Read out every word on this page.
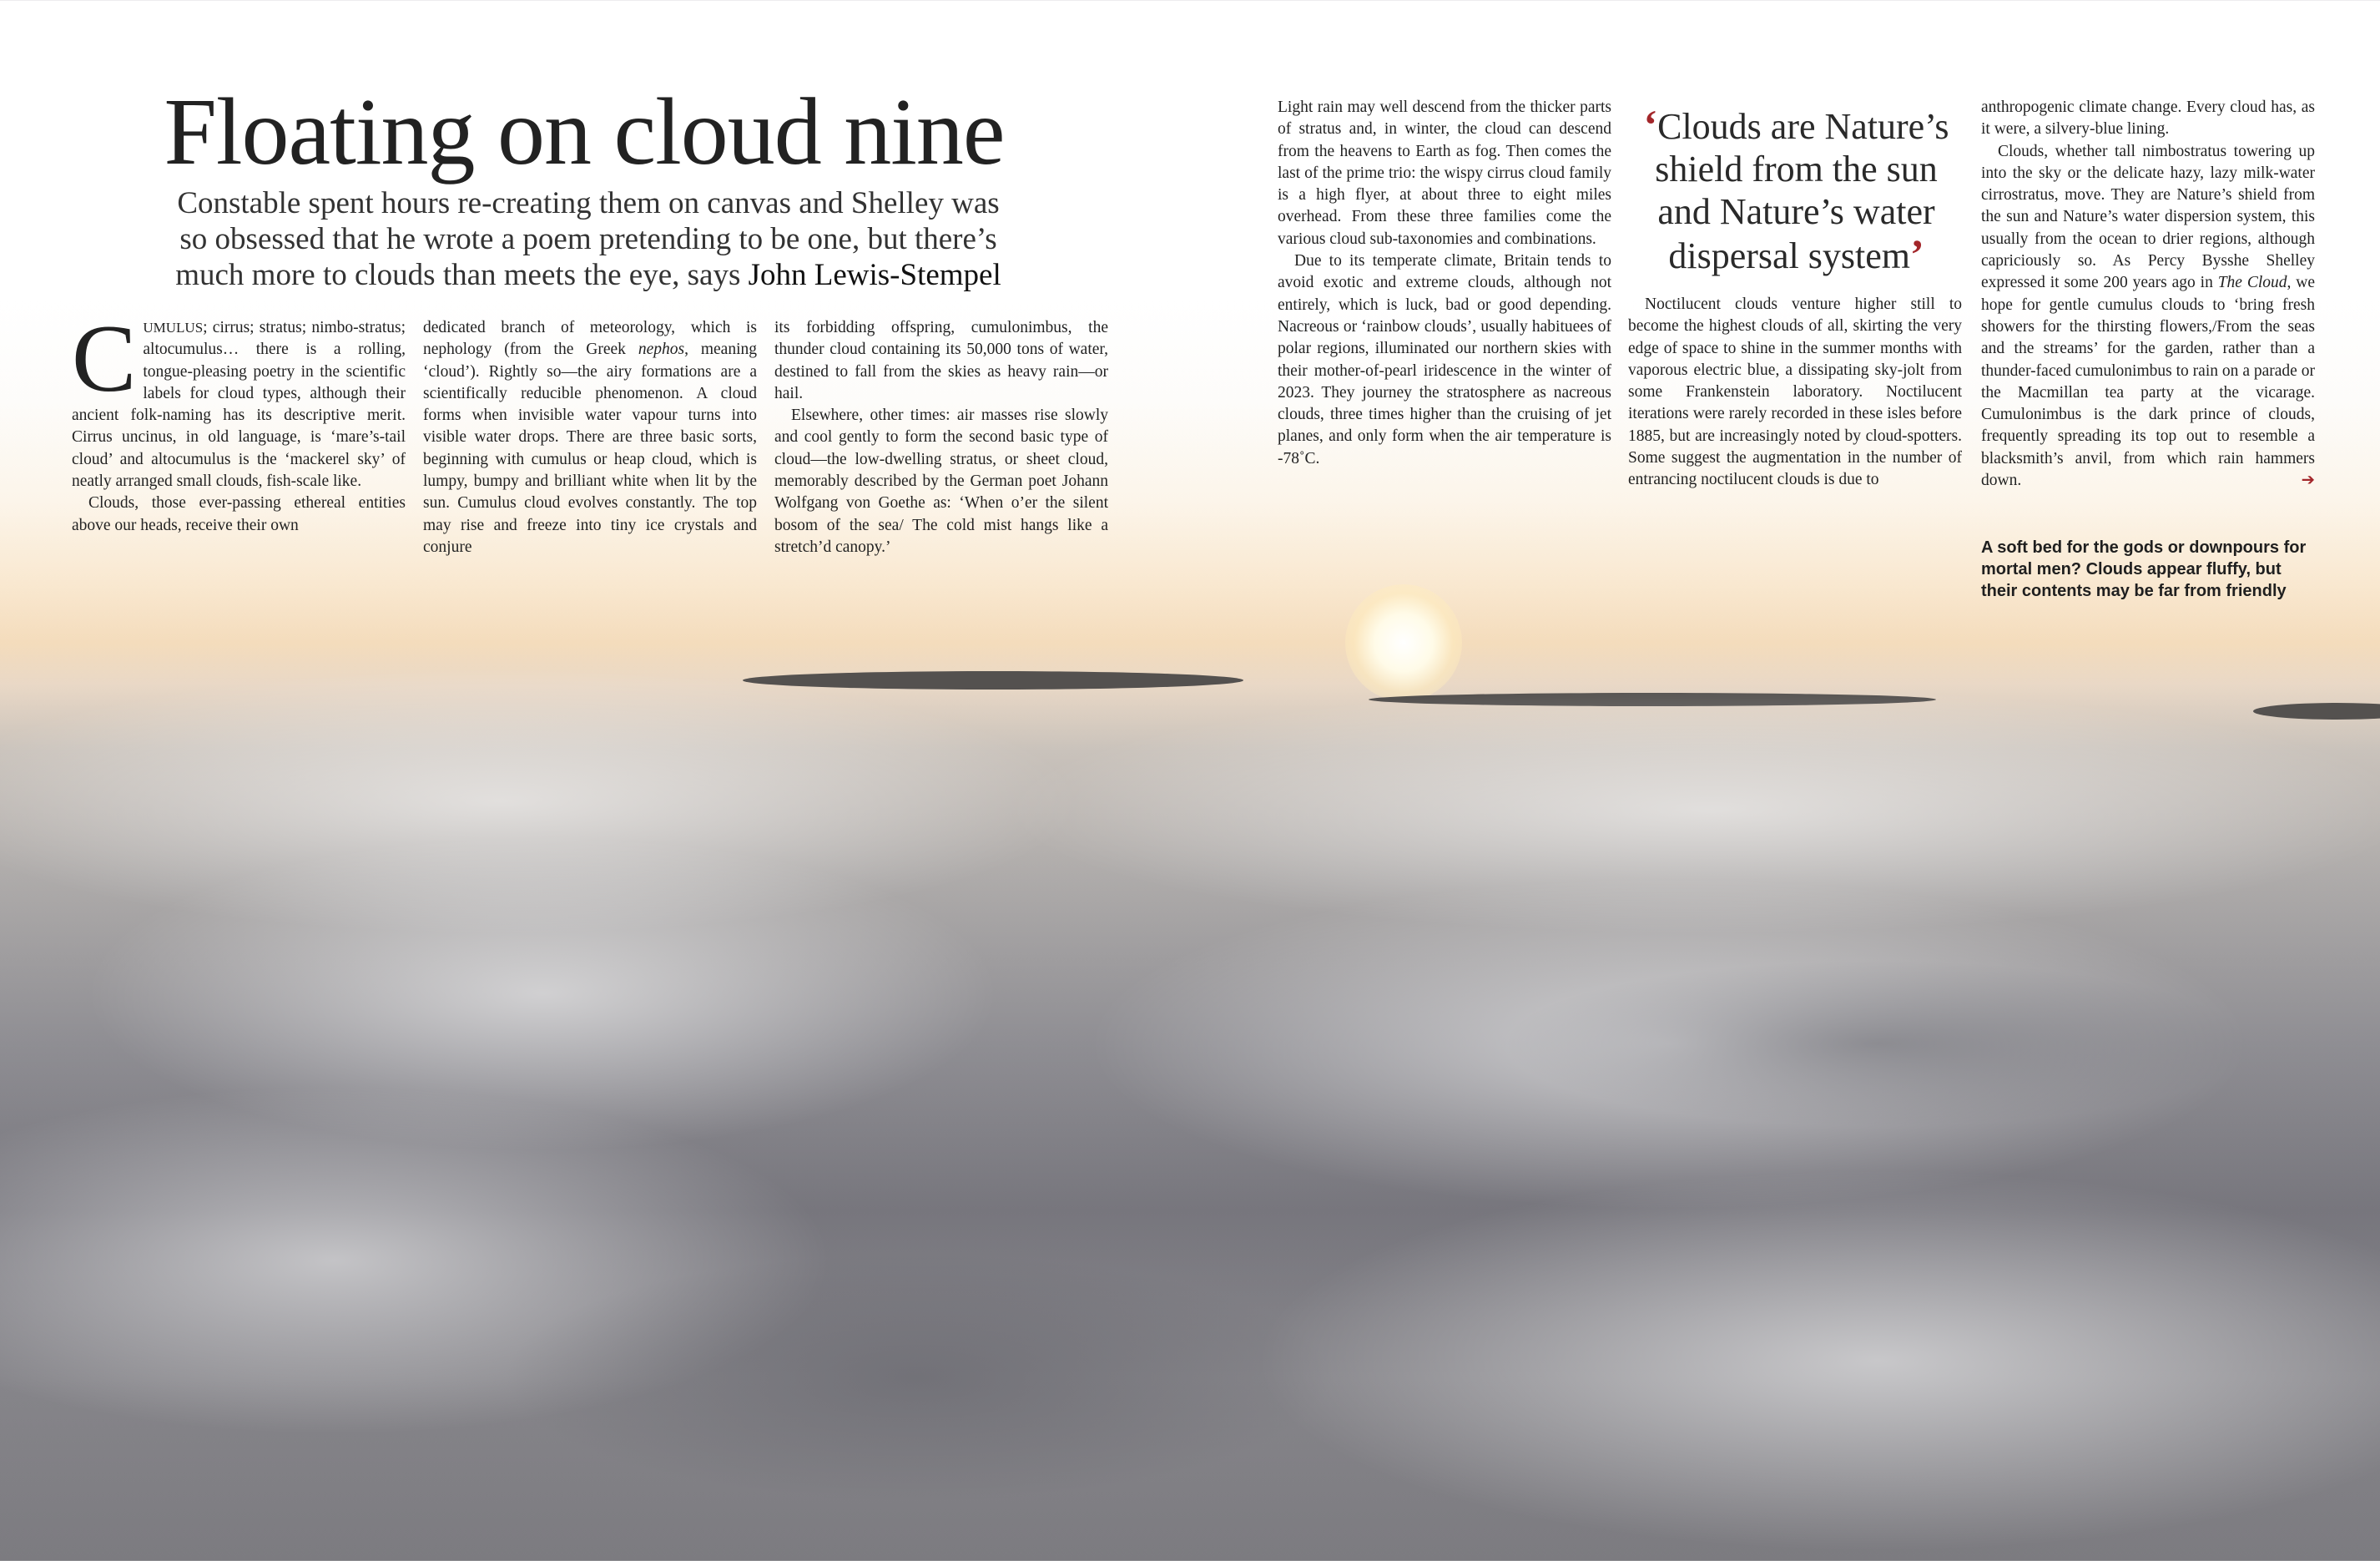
Floating on cloud nine

Constable spent hours re-creating them on canvas and Shelley was so obsessed that he wrote a poem pretending to be one, but there’s much more to clouds than meets the eye, says John Lewis-Stempel

CUMULUS; cirrus; stratus; nimbo-stratus; altocumulus… there is a rolling, tongue-pleasing poetry in the scientific labels for cloud types, although their ancient folk-naming has its descriptive merit. Cirrus uncinus, in old language, is ‘mare’s-tail cloud’ and altocumulus is the ‘mackerel sky’ of neatly arranged small clouds, fish-scale like.

Clouds, those ever-passing ethereal entities above our heads, receive their own

dedicated branch of meteorology, which is nephology (from the Greek nephos, meaning ‘cloud’). Rightly so—the airy formations are a scientifically reducible phenomenon. A cloud forms when invisible water vapour turns into visible water drops. There are three basic sorts, beginning with cumulus or heap cloud, which is lumpy, bumpy and brilliant white when lit by the sun. Cumulus cloud evolves constantly. The top may rise and freeze into tiny ice crystals and conjure

its forbidding offspring, cumulonimbus, the thunder cloud containing its 50,000 tons of water, destined to fall from the skies as heavy rain—or hail.

Elsewhere, other times: air masses rise slowly and cool gently to form the second basic type of cloud—the low-dwelling stratus, or sheet cloud, memorably described by the German poet Johann Wolfgang von Goethe as: ‘When o’er the silent bosom of the sea/ The cold mist hangs like a stretch’d canopy.’

Light rain may well descend from the thicker parts of stratus and, in winter, the cloud can descend from the heavens to Earth as fog. Then comes the last of the prime trio: the wispy cirrus cloud family is a high flyer, at about three to eight miles overhead. From these three families come the various cloud sub-taxonomies and combinations.

Due to its temperate climate, Britain tends to avoid exotic and extreme clouds, although not entirely, which is luck, bad or good depending. Nacreous or ‘rainbow clouds’, usually habituees of polar regions, illuminated our northern skies with their mother-of-pearl iridescence in the winter of 2023. They journey the stratosphere as nacreous clouds, three times higher than the cruising of jet planes, and only form when the air temperature is -78˚C.

‘Clouds are Nature’s shield from the sun and Nature’s water dispersal system’

Noctilucent clouds venture higher still to become the highest clouds of all, skirting the very edge of space to shine in the summer months with vaporous electric blue, a dissipating sky-jolt from some Frankenstein laboratory. Noctilucent iterations were rarely recorded in these isles before 1885, but are increasingly noted by cloud-spotters. Some suggest the augmentation in the number of entrancing noctilucent clouds is due to

anthropogenic climate change. Every cloud has, as it were, a silvery-blue lining.

Clouds, whether tall nimbostratus towering up into the sky or the delicate hazy, lazy milk-water cirrostratus, move. They are Nature’s shield from the sun and Nature’s water dispersion system, this usually from the ocean to drier regions, although capriciously so. As Percy Bysshe Shelley expressed it some 200 years ago in The Cloud, we hope for gentle cumulus clouds to ‘bring fresh showers for the thirsting flowers,/From the seas and the streams’ for the garden, rather than a thunder-faced cumulonimbus to rain on a parade or the Macmillan tea party at the vicarage. Cumulonimbus is the dark prince of clouds, frequently spreading its top out to resemble a blacksmith’s anvil, from which rain hammers down.	➔

A soft bed for the gods or downpours for mortal men? Clouds appear fluffy, but their contents may be far from friendly
